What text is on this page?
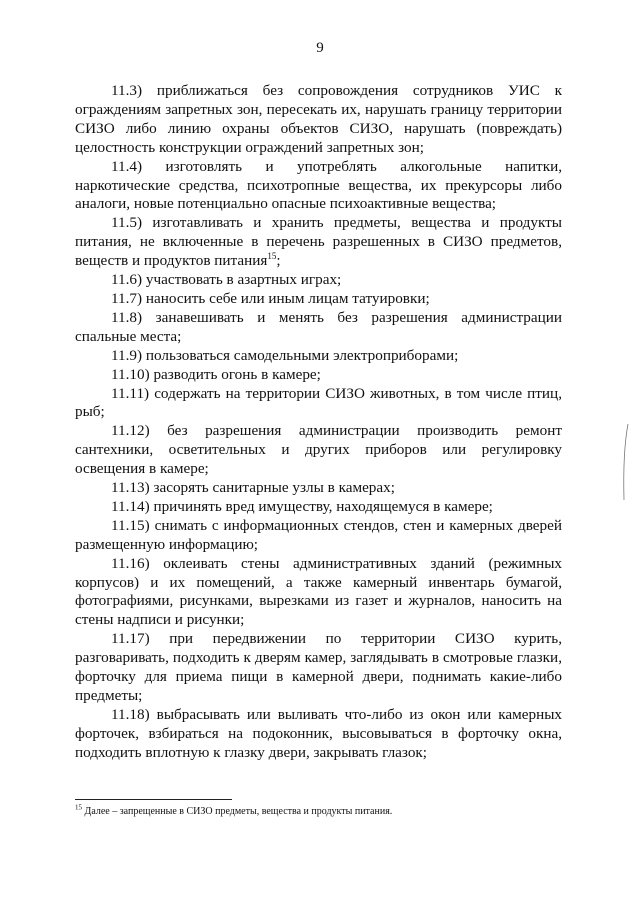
9

11.3) приближаться без сопровождения сотрудников УИС к ограждениям запретных зон, пересекать их, нарушать границу территории СИЗО либо линию охраны объектов СИЗО, нарушать (повреждать) целостность конструкции ограждений запретных зон;

11.4) изготовлять и употреблять алкогольные напитки, наркотические средства, психотропные вещества, их прекурсоры либо аналоги, новые потенциально опасные психоактивные вещества;

11.5) изготавливать и хранить предметы, вещества и продукты питания, не включенные в перечень разрешенных в СИЗО предметов, веществ и продуктов питания$^{15}$;

11.6) участвовать в азартных играх;

11.7) наносить себе или иным лицам татуировки;

11.8) занавешивать и менять без разрешения администрации спальные места;

11.9) пользоваться самодельными электроприборами;

11.10) разводить огонь в камере;

11.11) содержать на территории СИЗО животных, в том числе птиц, рыб;

11.12) без разрешения администрации производить ремонт сантехники, осветительных и других приборов или регулировку освещения в камере;

11.13) засорять санитарные узлы в камерах;

11.14) причинять вред имуществу, находящемуся в камере;

11.15) снимать с информационных стендов, стен и камерных дверей размещенную информацию;

11.16) оклеивать стены административных зданий (режимных корпусов) и их помещений, а также камерный инвентарь бумагой, фотографиями, рисунками, вырезками из газет и журналов, наносить на стены надписи и рисунки;

11.17) при передвижении по территории СИЗО курить, разговаривать, подходить к дверям камер, заглядывать в смотровые глазки, форточку для приема пищи в камерной двери, поднимать какие-либо предметы;

11.18) выбрасывать или выливать что-либо из окон или камерных форточек, взбираться на подоконник, высовываться в форточку окна, подходить вплотную к глазку двери, закрывать глазок;

$^{15}$ Далее – запрещенные в СИЗО предметы, вещества и продукты питания.
